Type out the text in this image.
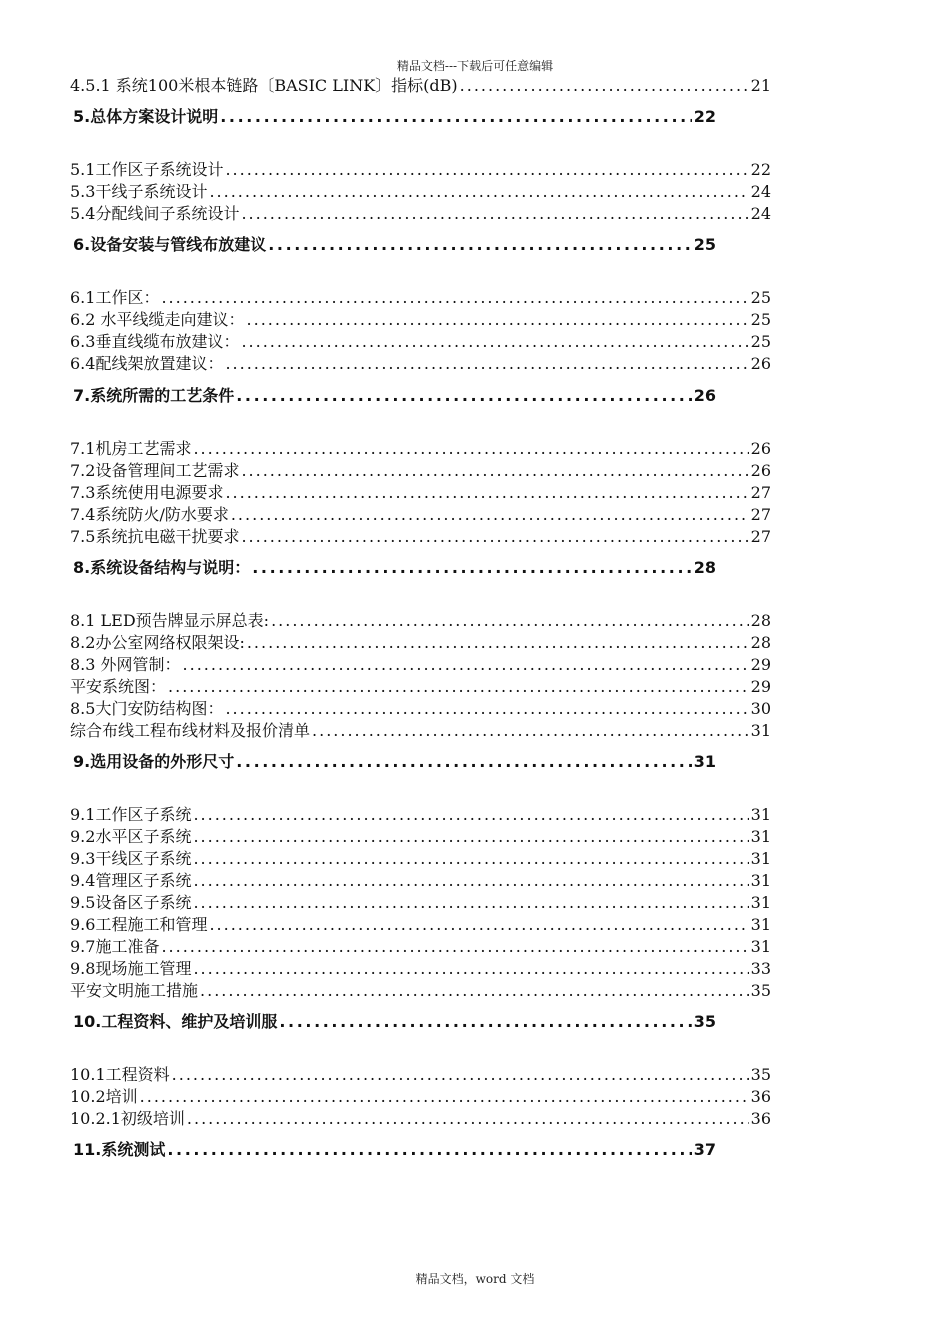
精品文档---下载后可任意编辑
4.5.1 系统100米根本链路〔BASIC LINK〕指标(dB) .....	21
5.总体方案设计说明 .....	22
5.1工作区子系统设计 .....	22
5.3干线子系统设计 .....	24
5.4分配线间子系统设计 .....	24
6.设备安装与管线布放建议 .....	25
6.1工作区： .....	25
6.2 水平线缆走向建议： .....	25
6.3垂直线缆布放建议： .....	25
6.4配线架放置建议： .....	26
7.系统所需的工艺条件 .....	26
7.1机房工艺需求 .....	26
7.2设备管理间工艺需求 .....	26
7.3系统使用电源要求 .....	27
7.4系统防火/防水要求 .....	27
7.5系统抗电磁干扰要求 .....	27
8.系统设备结构与说明： .....	28
8.1 LED预告牌显示屏总表: .....	28
8.2办公室网络权限架设: .....	28
8.3 外网管制： .....	29
平安系统图： .....	29
8.5大门安防结构图： .....	30
综合布线工程布线材料及报价清单 .....	31
9.选用设备的外形尺寸 .....	31
9.1工作区子系统 .....	31
9.2水平区子系统 .....	31
9.3干线区子系统 .....	31
9.4管理区子系统 .....	31
9.5设备区子系统 .....	31
9.6工程施工和管理 .....	31
9.7施工准备 .....	31
9.8现场施工管理 .....	33
平安文明施工措施 .....	35
10.工程资料、维护及培训服 .....	35
10.1工程资料 .....	35
10.2培训 .....	36
10.2.1初级培训 .....	36
11.系统测试 .....	37
精品文档，word 文档
